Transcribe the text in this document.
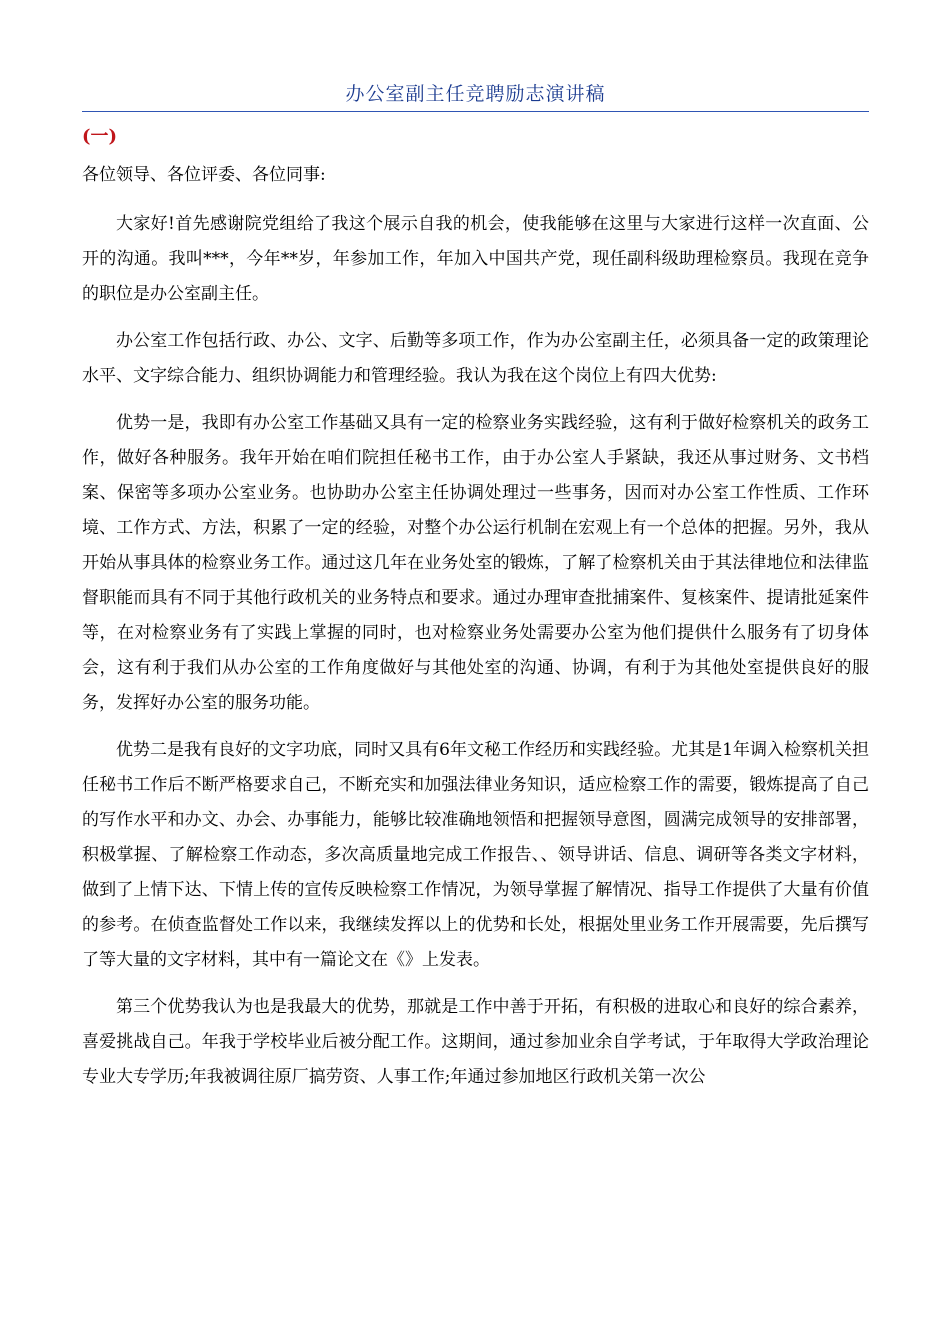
办公室副主任竞聘励志演讲稿
(一)

各位领导、各位评委、各位同事:

大家好!首先感谢院党组给了我这个展示自我的机会，使我能够在这里与大家进行这样一次直面、公开的沟通。我叫***，今年**岁，年参加工作，年加入中国共产党，现任副科级助理检察员。我现在竞争的职位是办公室副主任。

办公室工作包括行政、办公、文字、后勤等多项工作，作为办公室副主任，必须具备一定的政策理论水平、文字综合能力、组织协调能力和管理经验。我认为我在这个岗位上有四大优势:

优势一是，我即有办公室工作基础又具有一定的检察业务实践经验，这有利于做好检察机关的政务工作，做好各种服务。我年开始在咱们院担任秘书工作，由于办公室人手紧缺，我还从事过财务、文书档案、保密等多项办公室业务。也协助办公室主任协调处理过一些事务，因而对办公室工作性质、工作环境、工作方式、方法，积累了一定的经验，对整个办公运行机制在宏观上有一个总体的把握。另外，我从开始从事具体的检察业务工作。通过这几年在业务处室的锻炼，了解了检察机关由于其法律地位和法律监督职能而具有不同于其他行政机关的业务特点和要求。通过办理审查批捕案件、复核案件、提请批延案件等，在对检察业务有了实践上掌握的同时，也对检察业务处需要办公室为他们提供什么服务有了切身体会，这有利于我们从办公室的工作角度做好与其他处室的沟通、协调，有利于为其他处室提供良好的服务，发挥好办公室的服务功能。

优势二是我有良好的文字功底，同时又具有6年文秘工作经历和实践经验。尤其是1年调入检察机关担任秘书工作后不断严格要求自己，不断充实和加强法律业务知识，适应检察工作的需要，锻炼提高了自己的写作水平和办文、办会、办事能力，能够比较准确地领悟和把握领导意图，圆满完成领导的安排部署，积极掌握、了解检察工作动态，多次高质量地完成工作报告、、领导讲话、信息、调研等各类文字材料，做到了上情下达、下情上传的宣传反映检察工作情况，为领导掌握了解情况、指导工作提供了大量有价值的参考。在侦查监督处工作以来，我继续发挥以上的优势和长处，根据处里业务工作开展需要，先后撰写了等大量的文字材料，其中有一篇论文在《》上发表。

第三个优势我认为也是我最大的优势，那就是工作中善于开拓，有积极的进取心和良好的综合素养，喜爱挑战自己。年我于学校毕业后被分配工作。这期间，通过参加业余自学考试，于年取得大学政治理论专业大专学历;年我被调往原厂搞劳资、人事工作;年通过参加地区行政机关第一次公
